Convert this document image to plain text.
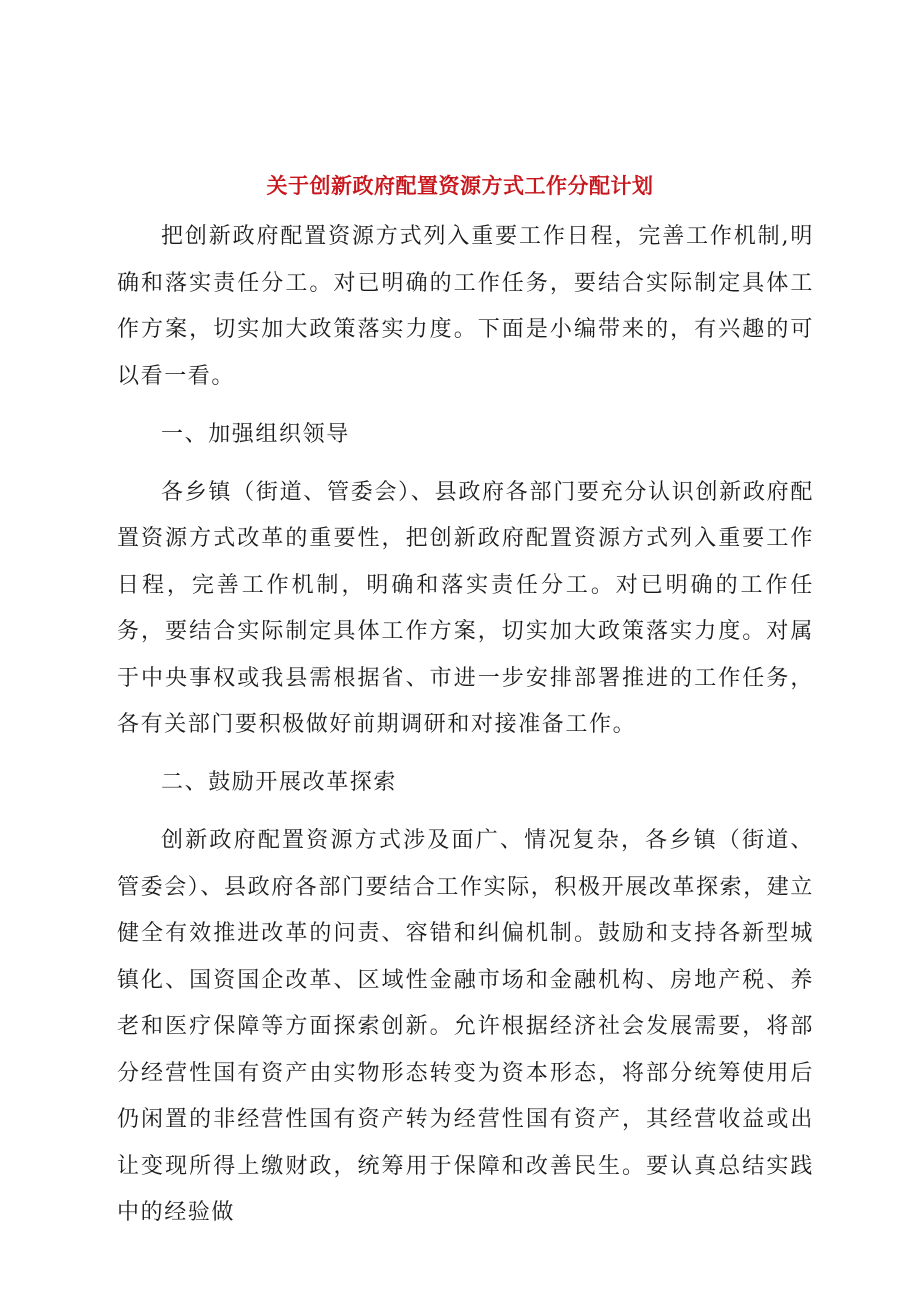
关于创新政府配置资源方式工作分配计划

把创新政府配置资源方式列入重要工作日程，完善工作机制,明确和落实责任分工。对已明确的工作任务，要结合实际制定具体工作方案，切实加大政策落实力度。下面是小编带来的，有兴趣的可以看一看。

一、加强组织领导

各乡镇（街道、管委会）、县政府各部门要充分认识创新政府配置资源方式改革的重要性，把创新政府配置资源方式列入重要工作日程，完善工作机制，明确和落实责任分工。对已明确的工作任务，要结合实际制定具体工作方案，切实加大政策落实力度。对属于中央事权或我县需根据省、市进一步安排部署推进的工作任务，各有关部门要积极做好前期调研和对接准备工作。

二、鼓励开展改革探索

创新政府配置资源方式涉及面广、情况复杂，各乡镇（街道、管委会）、县政府各部门要结合工作实际，积极开展改革探索，建立健全有效推进改革的问责、容错和纠偏机制。鼓励和支持各新型城镇化、国资国企改革、区域性金融市场和金融机构、房地产税、养老和医疗保障等方面探索创新。允许根据经济社会发展需要，将部分经营性国有资产由实物形态转变为资本形态，将部分统筹使用后仍闲置的非经营性国有资产转为经营性国有资产，其经营收益或出让变现所得上缴财政，统筹用于保障和改善民生。要认真总结实践中的经验做
